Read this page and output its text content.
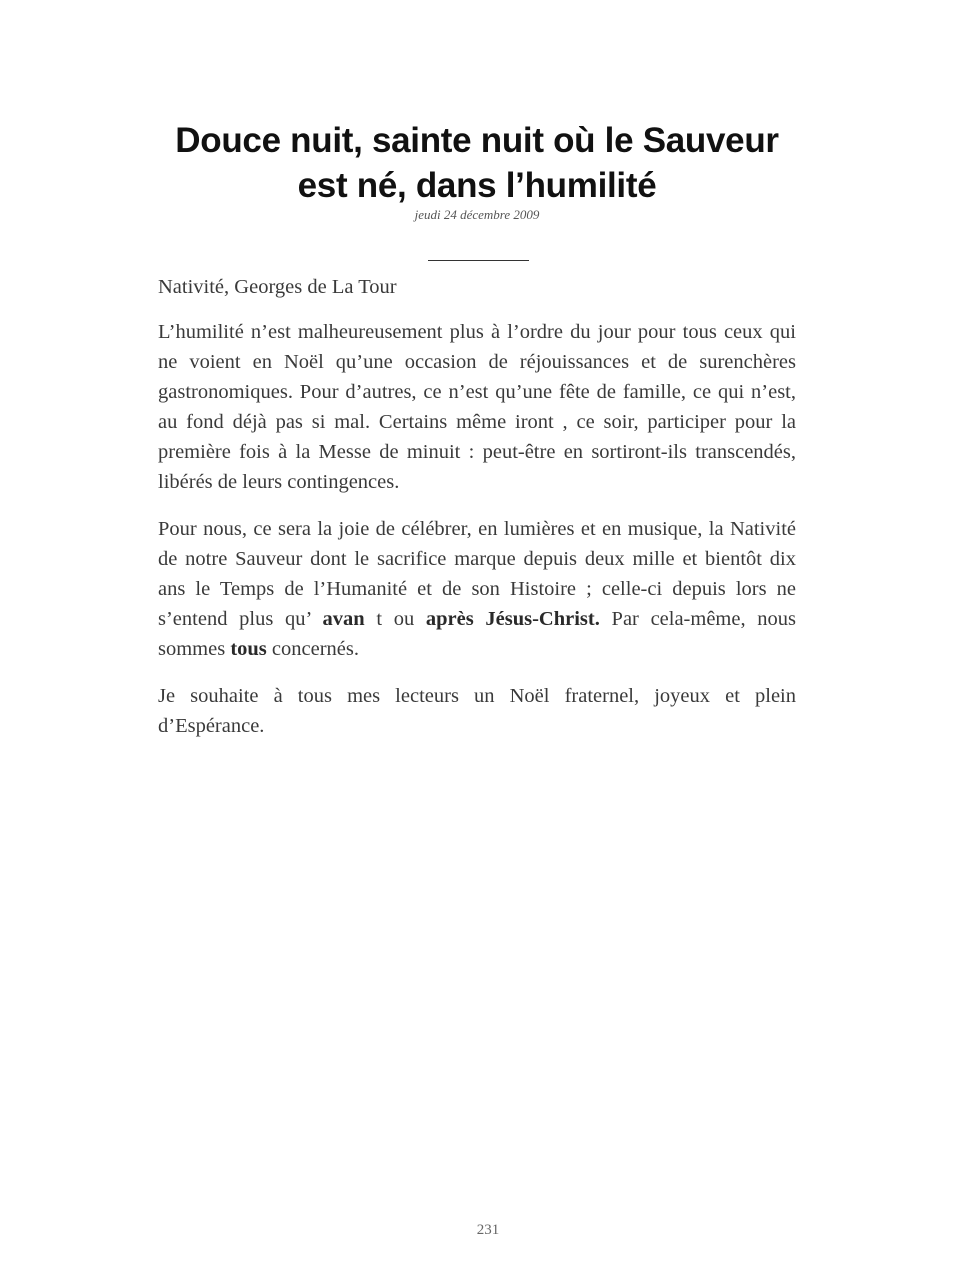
Douce nuit, sainte nuit où le Sauveur
est né, dans l’humilité
jeudi 24 décembre 2009

Nativité, Georges de La Tour

L’humilité n’est malheureusement plus à l’ordre du jour pour tous ceux qui ne voient en Noël qu’une occasion de réjouissances et de surenchères gastronomiques. Pour d’autres, ce n’est qu’une fête de famille, ce qui n’est, au fond déjà pas si mal. Certains même iront , ce soir, participer pour la première fois à la Messe de minuit : peut-être en sortiront-ils transcendés, libérés de leurs contingences.

Pour nous, ce sera la joie de célébrer, en lumières et en musique, la Nativité de notre Sauveur dont le sacrifice marque depuis deux mille et bientôt dix ans le Temps de l’Humanité et de son Histoire ; celle-ci depuis lors ne s’entend plus qu’ avan t ou après Jésus-Christ. Par cela-même, nous sommes tous concernés.

Je souhaite à tous mes lecteurs un Noël fraternel, joyeux et plein d’Espérance.

231
